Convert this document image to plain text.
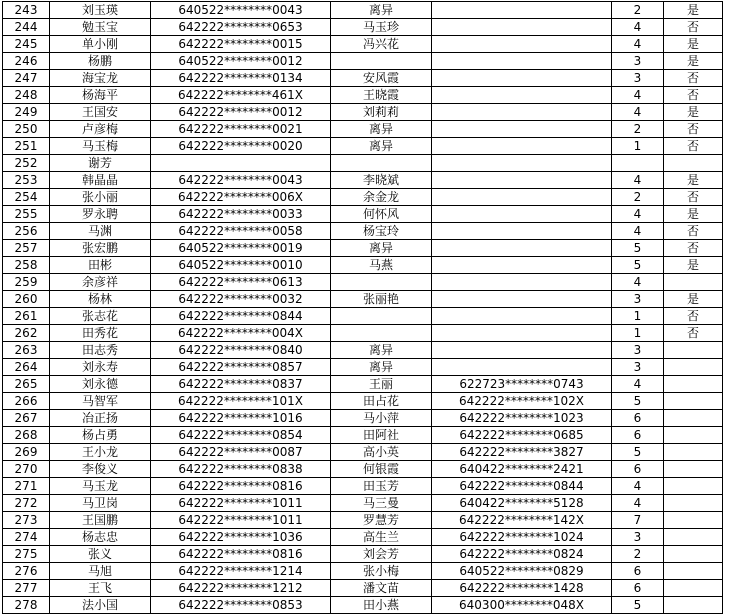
243	刘玉瑛	640522********0043	离异		2	是
244	勉玉宝	642222********0653	马玉珍		4	否
245	单小刚	642222********0015	冯兴花		4	是
246	杨鹏	640522********0012			3	是
247	海宝龙	642222********0134	安风霞		3	否
248	杨海平	642222********461X	王晓霞		4	否
249	王国安	642222********0012	刘莉莉		4	是
250	卢彦梅	642222********0021	离异		2	否
251	马玉梅	642222********0020	离异		1	否
252	谢芳					
253	韩晶晶	642222********0043	李晓斌		4	是
254	张小丽	642222********006X	余金龙		2	否
255	罗永聘	642222********0033	何怀风		4	是
256	马渊	642222********0058	杨宝玲		4	否
257	张宏鹏	640522********0019	离异		5	否
258	田彬	640522********0010	马燕		5	是
259	余彦祥	642222********0613			4	
260	杨林	642222********0032	张丽艳		3	是
261	张志花	642222********0844			1	否
262	田秀花	642222********004X			1	否
263	田志秀	642222********0840	离异		3	
264	刘永寿	642222********0857	离异		3	
265	刘永德	642222********0837	王丽	622723********0743	4	
266	马智军	642222********101X	田占花	642222********102X	5	
267	冶正扬	642222********1016	马小萍	642222********1023	6	
268	杨占勇	642222********0854	田阿社	642222********0685	6	
269	王小龙	642222********0087	高小英	642222********3827	5	
270	李俊义	642222********0838	何银霞	640422********2421	6	
271	马玉龙	642222********0816	田玉芳	642222********0844	4	
272	马卫岗	642222********1011	马三曼	640422********5128	4	
273	王国鹏	642222********1011	罗慧芳	642222********142X	7	
274	杨志忠	642222********1036	高生兰	642222********1024	3	
275	张义	642222********0816	刘会芳	642222********0824	2	
276	马旭	642222********1214	张小梅	640522********0829	6	
277	王飞	642222********1212	潘文苗	642222********1428	6	
278	法小国	642222********0853	田小燕	640300********048X	5	
